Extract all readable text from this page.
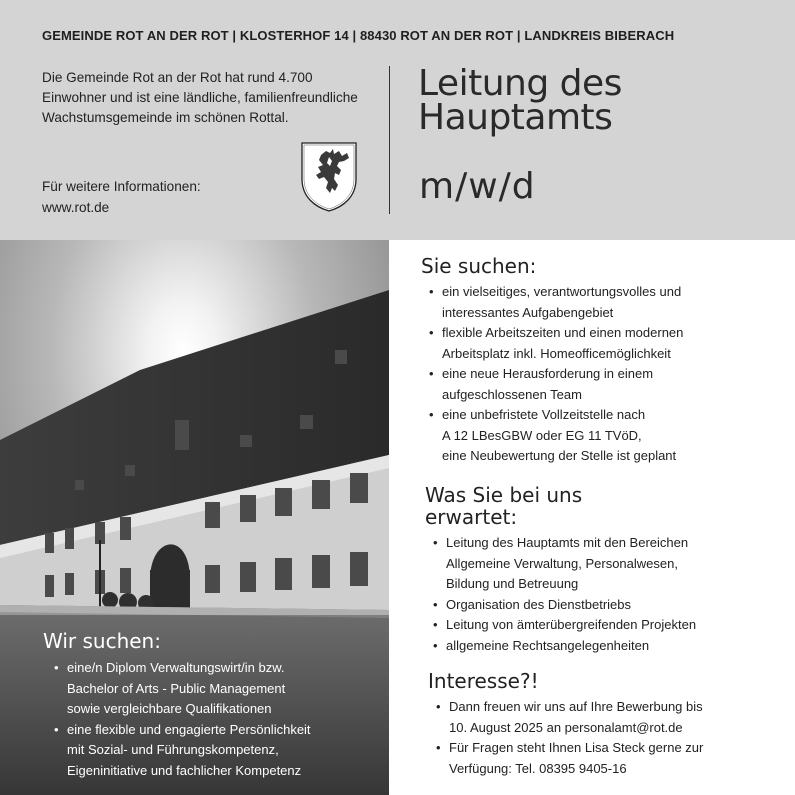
GEMEINDE ROT AN DER ROT | KLOSTERHOF 14 | 88430 ROT AN DER ROT | LANDKREIS BIBERACH

Die Gemeinde Rot an der Rot hat rund 4.700

Einwohner und ist eine ländliche, familienfreundliche

Wachstumsgemeinde im schönen Rottal.

Für weitere Informationen:
www.rot.de
Leitung des
Hauptamts
m/w/d
Wir suchen:
• eine/n Diplom Verwaltungswirt/in bzw.
Bachelor of Arts - Public Management
sowie vergleichbare Qualifikationen
• eine flexible und engagierte Persönlichkeit
mit Sozial- und Führungskompetenz,
Eigeninitiative und fachlicher Kompetenz
Sie suchen:
• ein vielseitiges, verantwortungsvolles und
interessantes Aufgabengebiet
• flexible Arbeitszeiten und einen modernen
Arbeitsplatz inkl. Homeofficemöglichkeit
• eine neue Herausforderung in einem
aufgeschlossenen Team
• eine unbefristete Vollzeitstelle nach
A 12 LBesGBW oder EG 11 TVöD,
eine Neubewertung der Stelle ist geplant
Was Sie bei uns
erwartet:
• Leitung des Hauptamts mit den Bereichen
Allgemeine Verwaltung, Personalwesen,
Bildung und Betreuung
• Organisation des Dienstbetriebs
• Leitung von ämterübergreifenden Projekten
• allgemeine Rechtsangelegenheiten
Interesse?!
• Dann freuen wir uns auf Ihre Bewerbung bis
10. August 2025 an personalamt@rot.de
• Für Fragen steht Ihnen Lisa Steck gerne zur
Verfügung: Tel. 08395 9405-16
